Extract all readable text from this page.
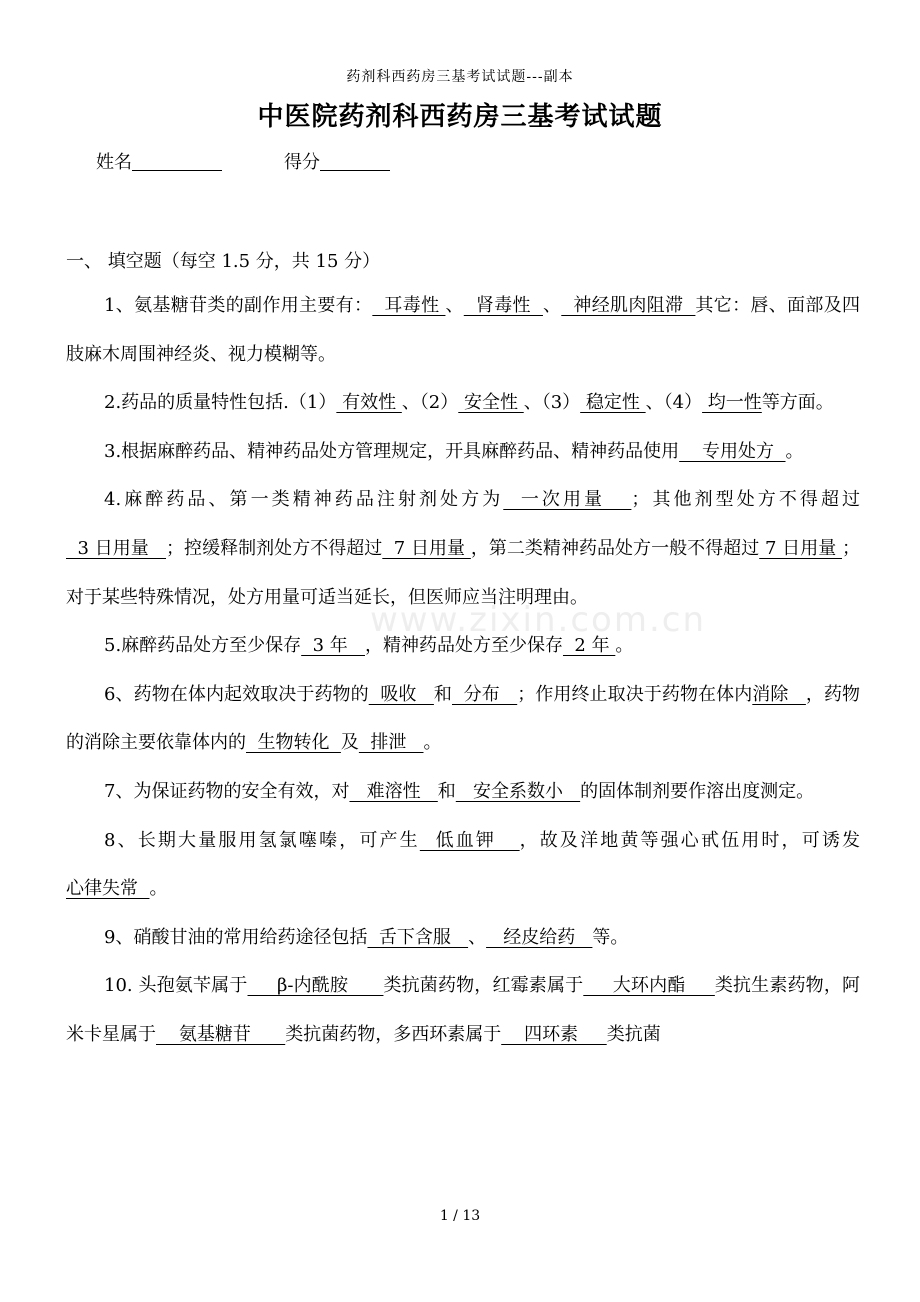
药剂科西药房三基考试试题---副本
中医院药剂科西药房三基考试试题
姓名	得分
一、 填空题（每空 1.5 分，共 15 分）

1、氨基糖苷类的副作用主要有：  耳毒性 、  肾毒性  、  神经肌肉阻滞  其它：唇、面部及四肢麻木周围神经炎、视力模糊等。

2.药品的质量特性包括.（1） 有效性 、（2） 安全性 、（3） 稳定性 、（4） 均一性等方面。

3.根据麻醉药品、精神药品处方管理规定，开具麻醉药品、精神药品使用    专用处方  。

4.麻醉药品、第一类精神药品注射剂处方为  一次用量   ；其他剂型处方不得超过  3 日用量   ；控缓释制剂处方不得超过  7 日用量 ，第二类精神药品处方一般不得超过 7 日用量 ；对于某些特殊情况，处方用量可适当延长，但医师应当注明理由。

5.麻醉药品处方至少保存  3 年   ，精神药品处方至少保存  2 年 。

6、药物在体内起效取决于药物的  吸收   和  分布   ；作用终止取决于药物在体内消除   ，药物的消除主要依靠体内的  生物转化  及  排泄   。

7、为保证药物的安全有效，对   难溶性   和   安全系数小   的固体制剂要作溶出度测定。

8、长期大量服用氢氯噻嗪，可产生  低血钾   ，故及洋地黄等强心甙伍用时，可诱发心律失常  。

9、硝酸甘油的常用给药途径包括  舌下含服   、   经皮给药   等。

10. 头孢氨苄属于     β-内酰胺      类抗菌药物，红霉素属于     大环内酯     类抗生素药物，阿米卡星属于    氨基糖苷      类抗菌药物，多西环素属于    四环素     类抗菌

www.zixin.com.cn
1 / 13
